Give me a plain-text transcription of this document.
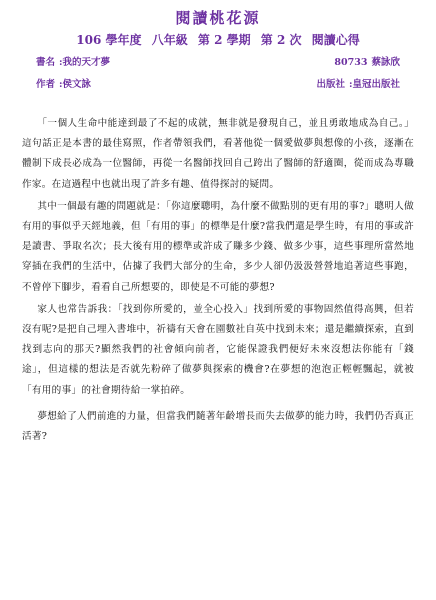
閱讀桃花源
106 學年度 八年級 第 2 學期 第 2 次 閱讀心得
書名 :我的天才夢	80733 蔡詠欣
作者 :侯文詠	出版社 :皇冠出版社

「一個人生命中能達到最了不起的成就，無非就是發現自己，並且勇敢地成為自己。」這句話正是本書的最佳寫照，作者帶領我們，看著他從一個愛做夢與想像的小孩，逐漸在體制下成長必成為一位醫師，再從一名醫師找回自己跨出了醫師的舒適圈，從而成為專職作家。在這過程中也就出現了許多有趣、值得探討的疑問。

其中一個最有趣的問題就是：「你這麼聰明，為什麼不做點別的更有用的事?」聰明人做有用的事似乎天經地義，但「有用的事」的標準是什麼?當我們還是學生時，有用的事或許是讀書、爭取名次；長大後有用的標準或許成了賺多少錢、做多少事，這些事理所當然地穿插在我們的生活中，佔據了我們大部分的生命，多少人卻仍汲汲營營地追著這些事跑，不曾停下腳步，看看自己所想要的，即使是不可能的夢想?

家人也常告訴我：「找到你所愛的，並全心投入」找到所愛的事物固然值得高興，但若沒有呢?是把自己埋入書堆中，祈禱有天會在園數社自英中找到未來；還是繼續探索，直到找到志向的那天?顯然我們的社會傾向前者，它能保證我們便好未來沒想法你能有「錢途」，但這樣的想法是否就先粉碎了做夢與探索的機會?在夢想的泡泡正輕輕飄起，就被「有用的事」的社會期待給一掌拍碎。

夢想給了人們前進的力量，但當我們隨著年齡增長而失去做夢的能力時，我們仍否真正活著?
